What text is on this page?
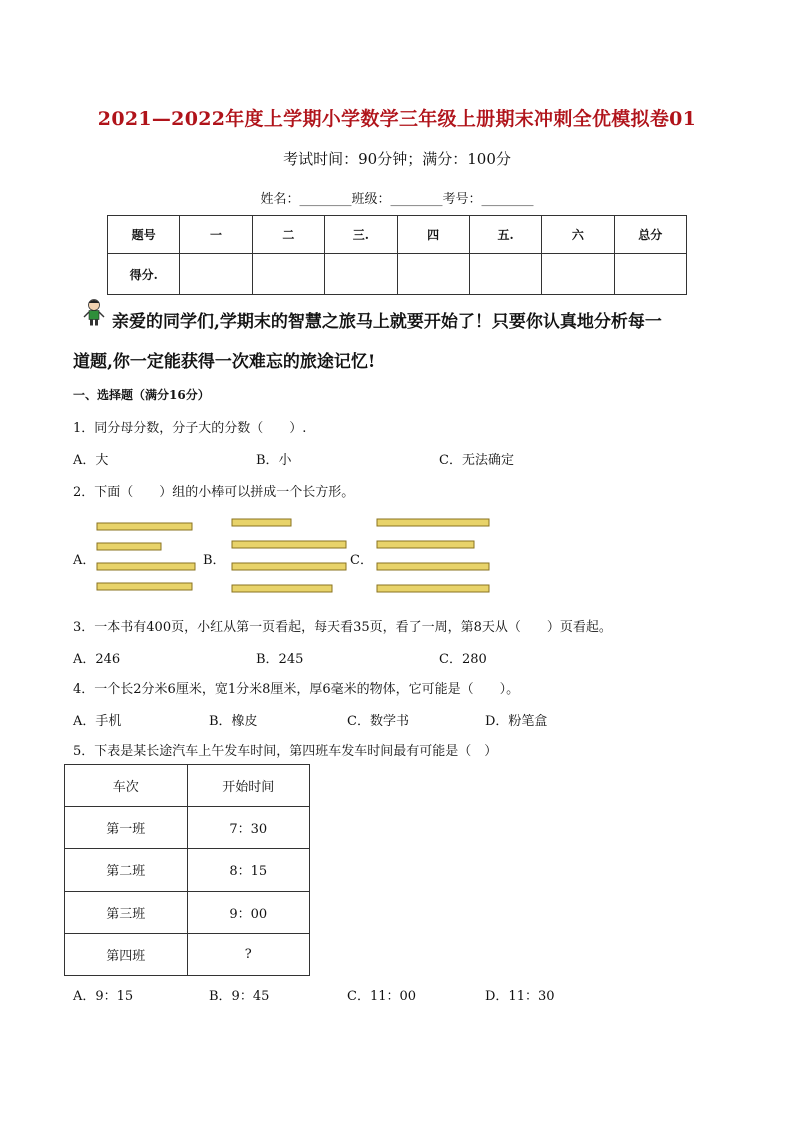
2021—2022年度上学期小学数学三年级上册期末冲刺全优模拟卷01
考试时间：90分钟；满分：100分
姓名：________班级：________考号：________
题号	一	二	三.	四	五.	六	总分
得分.							
亲爱的同学们,学期末的智慧之旅马上就要开始了！只要你认真地分析每一
道题,你一定能获得一次难忘的旅途记忆!
一、选择题（满分16分）
1．同分母分数，分子大的分数（　　）.
A．大	B．小	C．无法确定
2．下面（　　）组的小棒可以拼成一个长方形。
A．	B．	C．
3．一本书有400页，小红从第一页看起，每天看35页，看了一周，第8天从（　　）页看起。
A．246	B．245	C．280
4．一个长2分米6厘米，宽1分米8厘米，厚6毫米的物体，它可能是（　　）。
A．手机	B．橡皮	C．数学书	D．粉笔盒
5．下表是某长途汽车上午发车时间，第四班车发车时间最有可能是（　）
车次	开始时间
第一班	7：30
第二班	8：15
第三班	9：00
第四班	?
A．9：15	B．9：45	C．11：00	D．11：30
